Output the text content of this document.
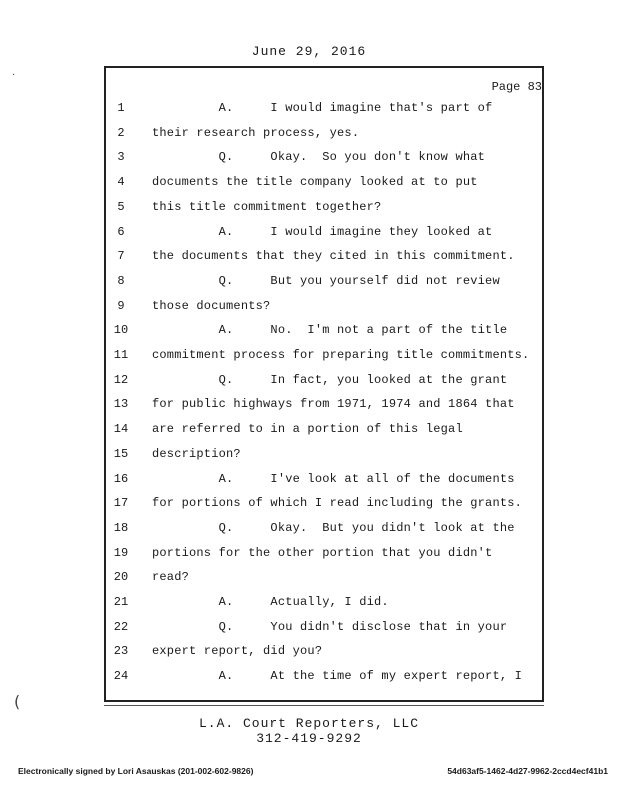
June 29, 2016
Page 83
1	A.     I would imagine that's part of
2	their research process, yes.
3	Q.     Okay.  So you don't know what
4	documents the title company looked at to put
5	this title commitment together?
6	A.     I would imagine they looked at
7	the documents that they cited in this commitment.
8	Q.     But you yourself did not review
9	those documents?
10	A.     No.  I'm not a part of the title
11	commitment process for preparing title commitments.
12	Q.     In fact, you looked at the grant
13	for public highways from 1971, 1974 and 1864 that
14	are referred to in a portion of this legal
15	description?
16	A.     I've look at all of the documents
17	for portions of which I read including the grants.
18	Q.     Okay.  But you didn't look at the
19	portions for the other portion that you didn't
20	read?
21	A.     Actually, I did.
22	Q.     You didn't disclose that in your
23	expert report, did you?
24	A.     At the time of my expert report, I
·
(
L.A. Court Reporters, LLC
312-419-9292
Electronically signed by Lori Asauskas (201-002-602-9826)	54d63af5-1462-4d27-9962-2ccd4ecf41b1
